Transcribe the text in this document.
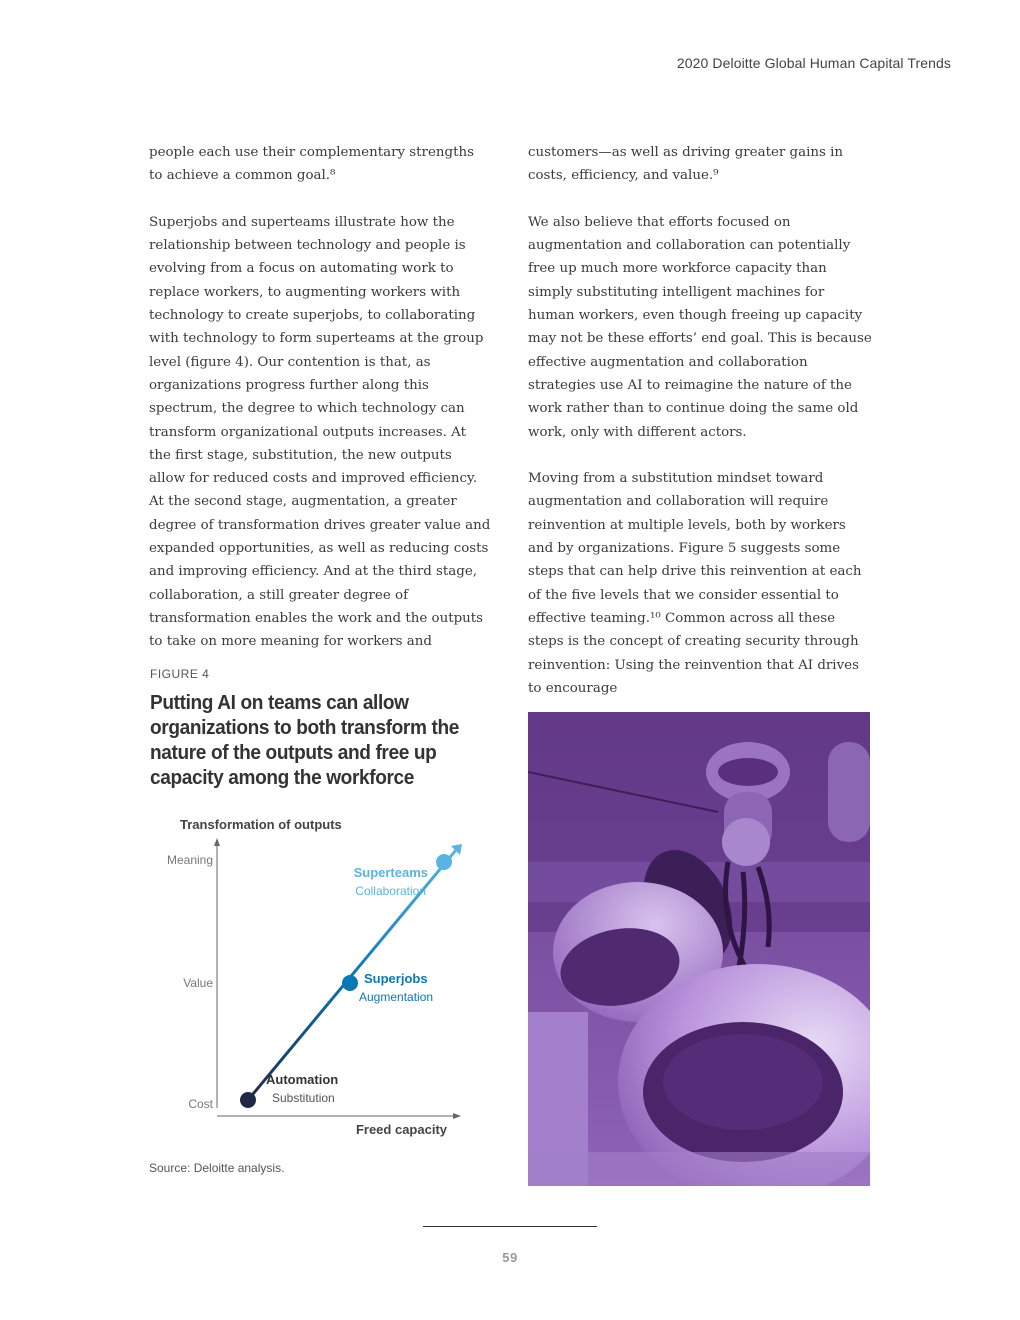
2020 Deloitte Global Human Capital Trends

people each use their complementary strengths to achieve a common goal.⁸

Superjobs and superteams illustrate how the relationship between technology and people is evolving from a focus on automating work to replace workers, to augmenting workers with technology to create superjobs, to collaborating with technology to form superteams at the group level (figure 4). Our contention is that, as organizations progress further along this spectrum, the degree to which technology can transform organizational outputs increases. At the first stage, substitution, the new outputs allow for reduced costs and improved efficiency. At the second stage, augmentation, a greater degree of transformation drives greater value and expanded opportunities, as well as reducing costs and improving efficiency. And at the third stage, collaboration, a still greater degree of transformation enables the work and the outputs to take on more meaning for workers and

customers—as well as driving greater gains in costs, efficiency, and value.⁹

We also believe that efforts focused on augmentation and collaboration can potentially free up much more workforce capacity than simply substituting intelligent machines for human workers, even though freeing up capacity may not be these efforts’ end goal. This is because effective augmentation and collaboration strategies use AI to reimagine the nature of the work rather than to continue doing the same old work, only with different actors.

Moving from a substitution mindset toward augmentation and collaboration will require reinvention at multiple levels, both by workers and by organizations. Figure 5 suggests some steps that can help drive this reinvention at each of the five levels that we consider essential to effective teaming.¹⁰ Common across all these steps is the concept of creating security through reinvention: Using the reinvention that AI drives to encourage

FIGURE 4
Putting AI on teams can allow organizations to both transform the nature of the outputs and free up capacity among the workforce
Transformation of outputs
Cost
Value
Meaning
Freed capacity
Automation
Substitution
Superjobs
Augmentation
Superteams
Collaboration
Source: Deloitte analysis.
59
